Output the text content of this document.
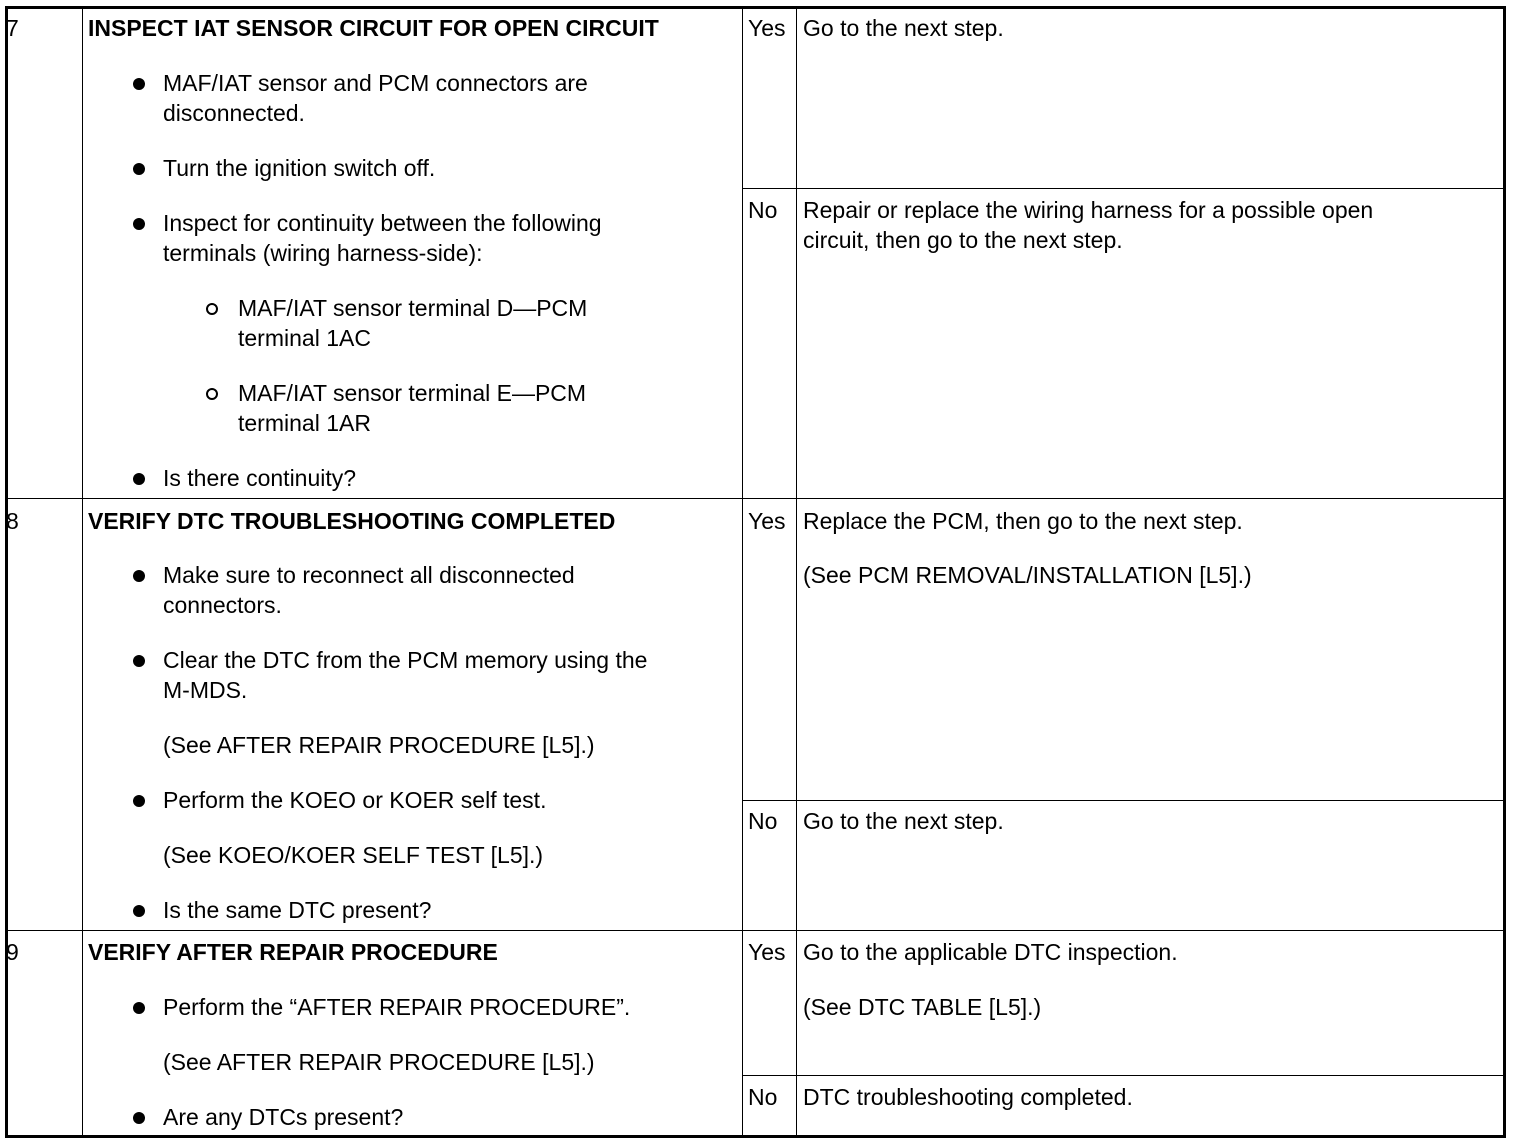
7	INSPECT IAT SENSOR CIRCUIT FOR OPEN CIRCUIT
MAF/IAT sensor and PCM connectors are
disconnected.
Turn the ignition switch off.
Inspect for continuity between the following
terminals (wiring harness-side):
MAF/IAT sensor terminal D—PCM
terminal 1AC
MAF/IAT sensor terminal E—PCM
terminal 1AR
Is there continuity?
Yes Go to the next step.
No Repair or replace the wiring harness for a possible open
circuit, then go to the next step.
8	VERIFY DTC TROUBLESHOOTING COMPLETED
Make sure to reconnect all disconnected
connectors.
Clear the DTC from the PCM memory using the
M-MDS.
(See AFTER REPAIR PROCEDURE [L5].)
Perform the KOEO or KOER self test.
(See KOEO/KOER SELF TEST [L5].)
Is the same DTC present?
Yes Replace the PCM, then go to the next step.
(See PCM REMOVAL/INSTALLATION [L5].)
No Go to the next step.
9	VERIFY AFTER REPAIR PROCEDURE
Perform the “AFTER REPAIR PROCEDURE”.
(See AFTER REPAIR PROCEDURE [L5].)
Are any DTCs present?
Yes Go to the applicable DTC inspection.
(See DTC TABLE [L5].)
No DTC troubleshooting completed.
